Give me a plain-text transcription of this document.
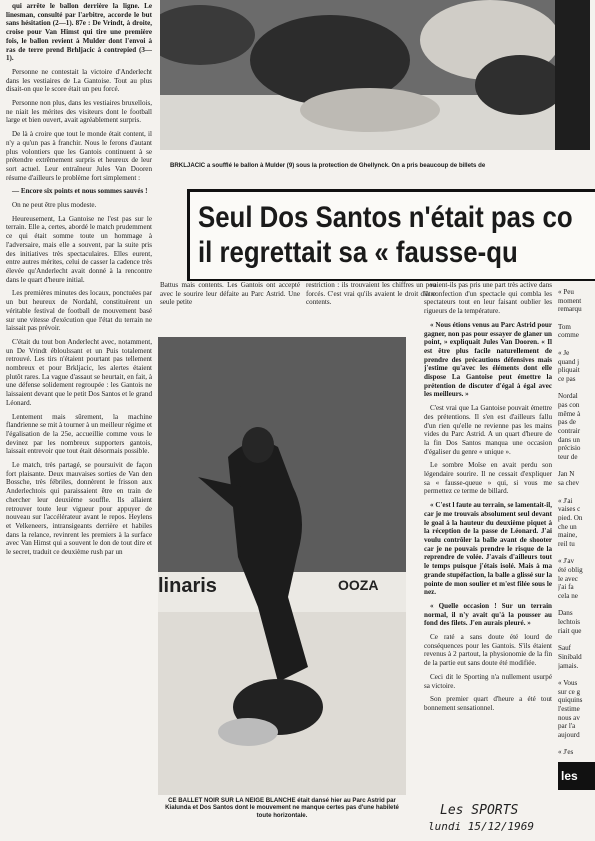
qui arrête le ballon derrière la ligne. Le linesman, consulté par l'arbitre, accorde le but sans hésitation (2—1). 87e : De Vrindt, à droite, croise pour Van Himst qui tire une première fois, le ballon revient à Mulder dont l'envoi à ras de terre prend Brhljacic à contrepied (3—1).

Personne ne contestait la victoire d'Anderlecht dans les vestiaires de La Gantoise. Tout au plus disait-on que le score était un peu forcé.

Personne non plus, dans les vestiaires bruxellois, ne niait les mérites des visiteurs dont le football large et bien ouvert, avait agréablement surpris.

De là à croire que tout le monde était content, il n'y a qu'un pas à franchir. Nous le ferons d'autant plus volontiers que les Gantois continuent à se prétendre extrêmement surpris et heureux de leur sort actuel. Leur entraîneur Jules Van Dooren résume d'ailleurs le problème fort simplement :

— Encore six points et nous sommes sauvés !

On ne peut être plus modeste.

Heureusement, La Gantoise ne l'est pas sur le terrain. Elle a, certes, abordé le match prudemment ce qui était somme toute un hommage à l'adversaire, mais elle a souvent, par la suite pris des initiatives très spectaculaires. Elles eurent, entre autres mérites, celui de casser la cadence très élevée qu'Anderlecht avait donné à la rencontre dans le quart d'heure initial.

Les premières minutes des locaux, ponctuées par un but heureux de Nordahl, constituèrent un véritable festival de football de mouvement basé sur une vitesse d'exécution que l'état du terrain ne laissait pas prévoir.

C'était du tout bon Anderlecht avec, notamment, un De Vrindt ébloulssant et un Puis totalement retrouvé. Les tirs n'étaient pourtant pas tellement nombreux et pour Brkljacic, les alertes étaient plutôt rares. La vague d'assaut se heurtait, en fait, à une défense solidement regroupée : les Gantois ne laissaient devant que le petit Dos Santos et le grand Léonard.

Lentement mais sûrement, la machine flandrienne se mit à tourner à un meilleur régime et l'égalisation de la 25e, accueillie comme vous le devinez par les nombreux supporters gantois, laissait entrevoir que tout était désormais possible.

Le match, très partagé, se poursuivit de façon fort plaisante. Deux mauvaises sorties de Van den Bossche, très fébriles, donnèrent le frisson aux Anderlechtois qui paraissaient être en train de chercher leur deuxième souffle. Ils allaient retrouver toute leur vigueur pour appuyer de nouveau sur l'accélérateur avant le repos. Heylens et Velkeneers, intransigeants derrière et habiles dans la relance, revinrent les premiers à la surface avec Van Himst qui a souvent le don de tout dire et le secret, traduit ce deuxième rush par un

BRKLJACIC a soufflé le ballon à Mulder (9) sous la protection de Ghellynck. On a pris beaucoup de billets de
Seul Dos Santos n'était pas co
il regrettait sa « fausse-qu
Battus mais contents. Les Gantois ont accepté avec le sourire leur défaite au Parc Astrid. Une seule petite
restriction : ils trouvaient les chiffres un peu forcés. C'est vrai qu'ils avaient le droit d'être contents.
linaris	OOZA
CE BALLET NOIR SUR LA NEIGE BLANCHE était dansé hier au Parc Astrid par Kialunda et Dos Santos dont le mouvement ne manque certes pas d'une habileté toute horizontale.

vaient-ils pas pris une part très active dans la confection d'un spectacle qui combla les spectateurs tout en leur faisant oublier les rigueurs de la température.

« Nous étions venus au Parc Astrid pour gagner, non pas pour essayer de glaner un point, » expliquait Jules Van Dooren. « Il est être plus facile naturellement de prendre des précautions défensives mais j'estime qu'avec les éléments dont elle dispose La Gantoise peut émettre la prétention de discuter d'égal à égal avec les meilleurs. »

C'est vrai que La Gantoise pouvait émettre des prétentions. Il s'en est d'ailleurs fallu d'un rien qu'elle ne revienne pas les mains vides du Parc Astrid. A un quart d'heure de la fin Dos Santos manqua une occasion d'égaliser du genre « unique ».

Le sombre Moïse en avait perdu son légendaire sourire. Il ne cessait d'expliquer sa « fausse-queue » qui, si vous me permettez ce terme de billard.

« C'est l faute au terrain, se lamentait-il, car je me trouvais absolument seul devant le goal à la hauteur du deuxième piquet à la réception de la passe de Léonard. J'ai voulu contrôler la balle avant de shooter car je ne pouvais prendre le risque de la reprendre de volée. J'avais d'ailleurs tout le temps puisque j'étais isolé. Mais à ma grande stupéfaction, la balle a glissé sur la pointe de mon soulier et m'est filée sous le nez.

« Quelle occasion ! Sur un terrain normal, il n'y avait qu'à la pousser au fond des filets. J'en aurais pleuré. »

Ce raté a sans doute été lourd de conséquences pour les Gantois. S'ils étaient revenus à 2 partout, la physionomie de la fin de la partie eut sans doute été modifiée.

Ceci dit le Sporting n'a nullement usurpé sa victoire.

Son premier quart d'heure a été tout bonnement sensationnel.

« Peu
moment
remarqu
Tom
comme
« Je
quand j
pliquait
ce pas
Nordal
pas con
même à
pas de
contrair
dans un
précisio
teur de
Jan N
sa chev
« J'ai
vaises c
pied. On
che un
maine,
reil tu
« J'av
été oblig
le avec
j'ai fa
cela ne
Dans
lechtois
riait que
Sauf
Sinibald
jamais.
« Vous
sur ce g
quiquins
l'estime
nous av
par l'a
aujourd
« J'es
les
Les SPORTS
lundi 15/12/1969
